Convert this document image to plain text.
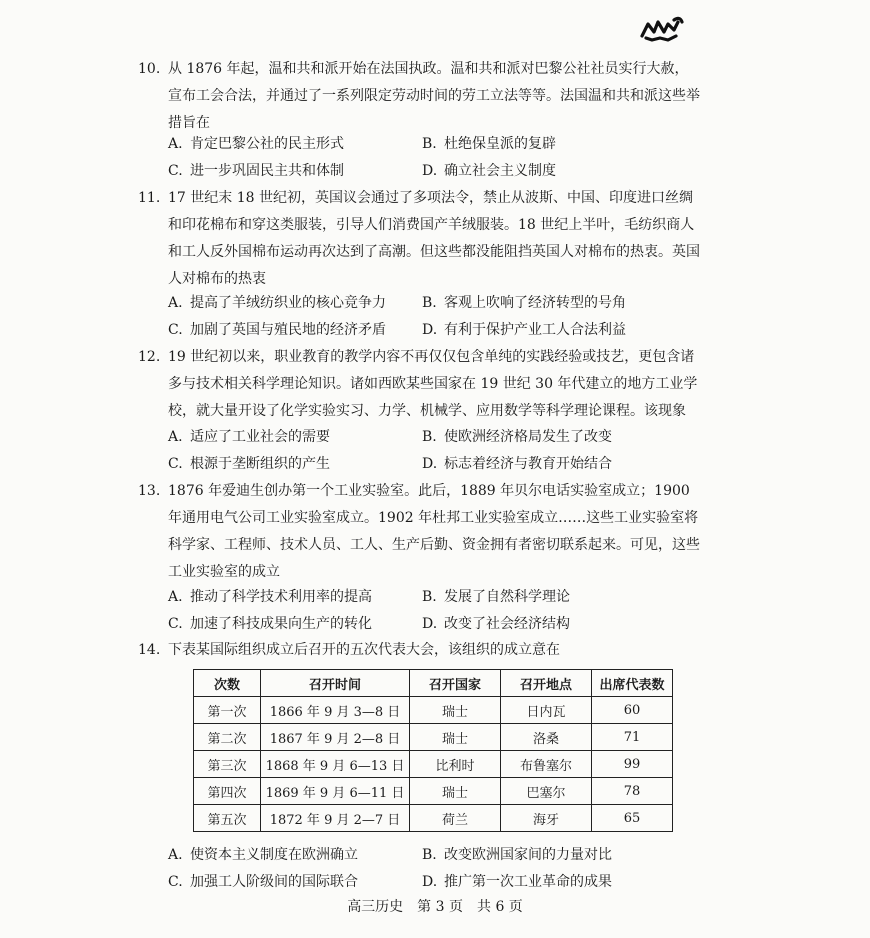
10. 从 1876 年起，温和共和派开始在法国执政。温和共和派对巴黎公社社员实行大赦，宣布工会合法，并通过了一系列限定劳动时间的劳工立法等等。法国温和共和派这些举措旨在
A. 肯定巴黎公社的民主形式	B. 杜绝保皇派的复辟
C. 进一步巩固民主共和体制	D. 确立社会主义制度
11. 17 世纪末 18 世纪初，英国议会通过了多项法令，禁止从波斯、中国、印度进口丝绸和印花棉布和穿这类服装，引导人们消费国产羊绒服装。18 世纪上半叶，毛纺织商人和工人反外国棉布运动再次达到了高潮。但这些都没能阻挡英国人对棉布的热衷。英国人对棉布的热衷
A. 提高了羊绒纺织业的核心竞争力	B. 客观上吹响了经济转型的号角
C. 加剧了英国与殖民地的经济矛盾	D. 有利于保护产业工人合法利益
12. 19 世纪初以来，职业教育的教学内容不再仅仅包含单纯的实践经验或技艺，更包含诸多与技术相关科学理论知识。诸如西欧某些国家在 19 世纪 30 年代建立的地方工业学校，就大量开设了化学实验实习、力学、机械学、应用数学等科学理论课程。该现象
A. 适应了工业社会的需要	B. 使欧洲经济格局发生了改变
C. 根源于垄断组织的产生	D. 标志着经济与教育开始结合
13. 1876 年爱迪生创办第一个工业实验室。此后，1889 年贝尔电话实验室成立；1900 年通用电气公司工业实验室成立。1902 年杜邦工业实验室成立……这些工业实验室将科学家、工程师、技术人员、工人、生产后勤、资金拥有者密切联系起来。可见，这些工业实验室的成立
A. 推动了科学技术利用率的提高	B. 发展了自然科学理论
C. 加速了科技成果向生产的转化	D. 改变了社会经济结构
14. 下表某国际组织成立后召开的五次代表大会，该组织的成立意在
次数	召开时间	召开国家	召开地点	出席代表数
第一次	1866 年 9 月 3—8 日	瑞士	日内瓦	60
第二次	1867 年 9 月 2—8 日	瑞士	洛桑	71
第三次	1868 年 9 月 6—13 日	比利时	布鲁塞尔	99
第四次	1869 年 9 月 6—11 日	瑞士	巴塞尔	78
第五次	1872 年 9 月 2—7 日	荷兰	海牙	65
A. 使资本主义制度在欧洲确立	B. 改变欧洲国家间的力量对比
C. 加强工人阶级间的国际联合	D. 推广第一次工业革命的成果
高三历史　第 3 页　共 6 页
